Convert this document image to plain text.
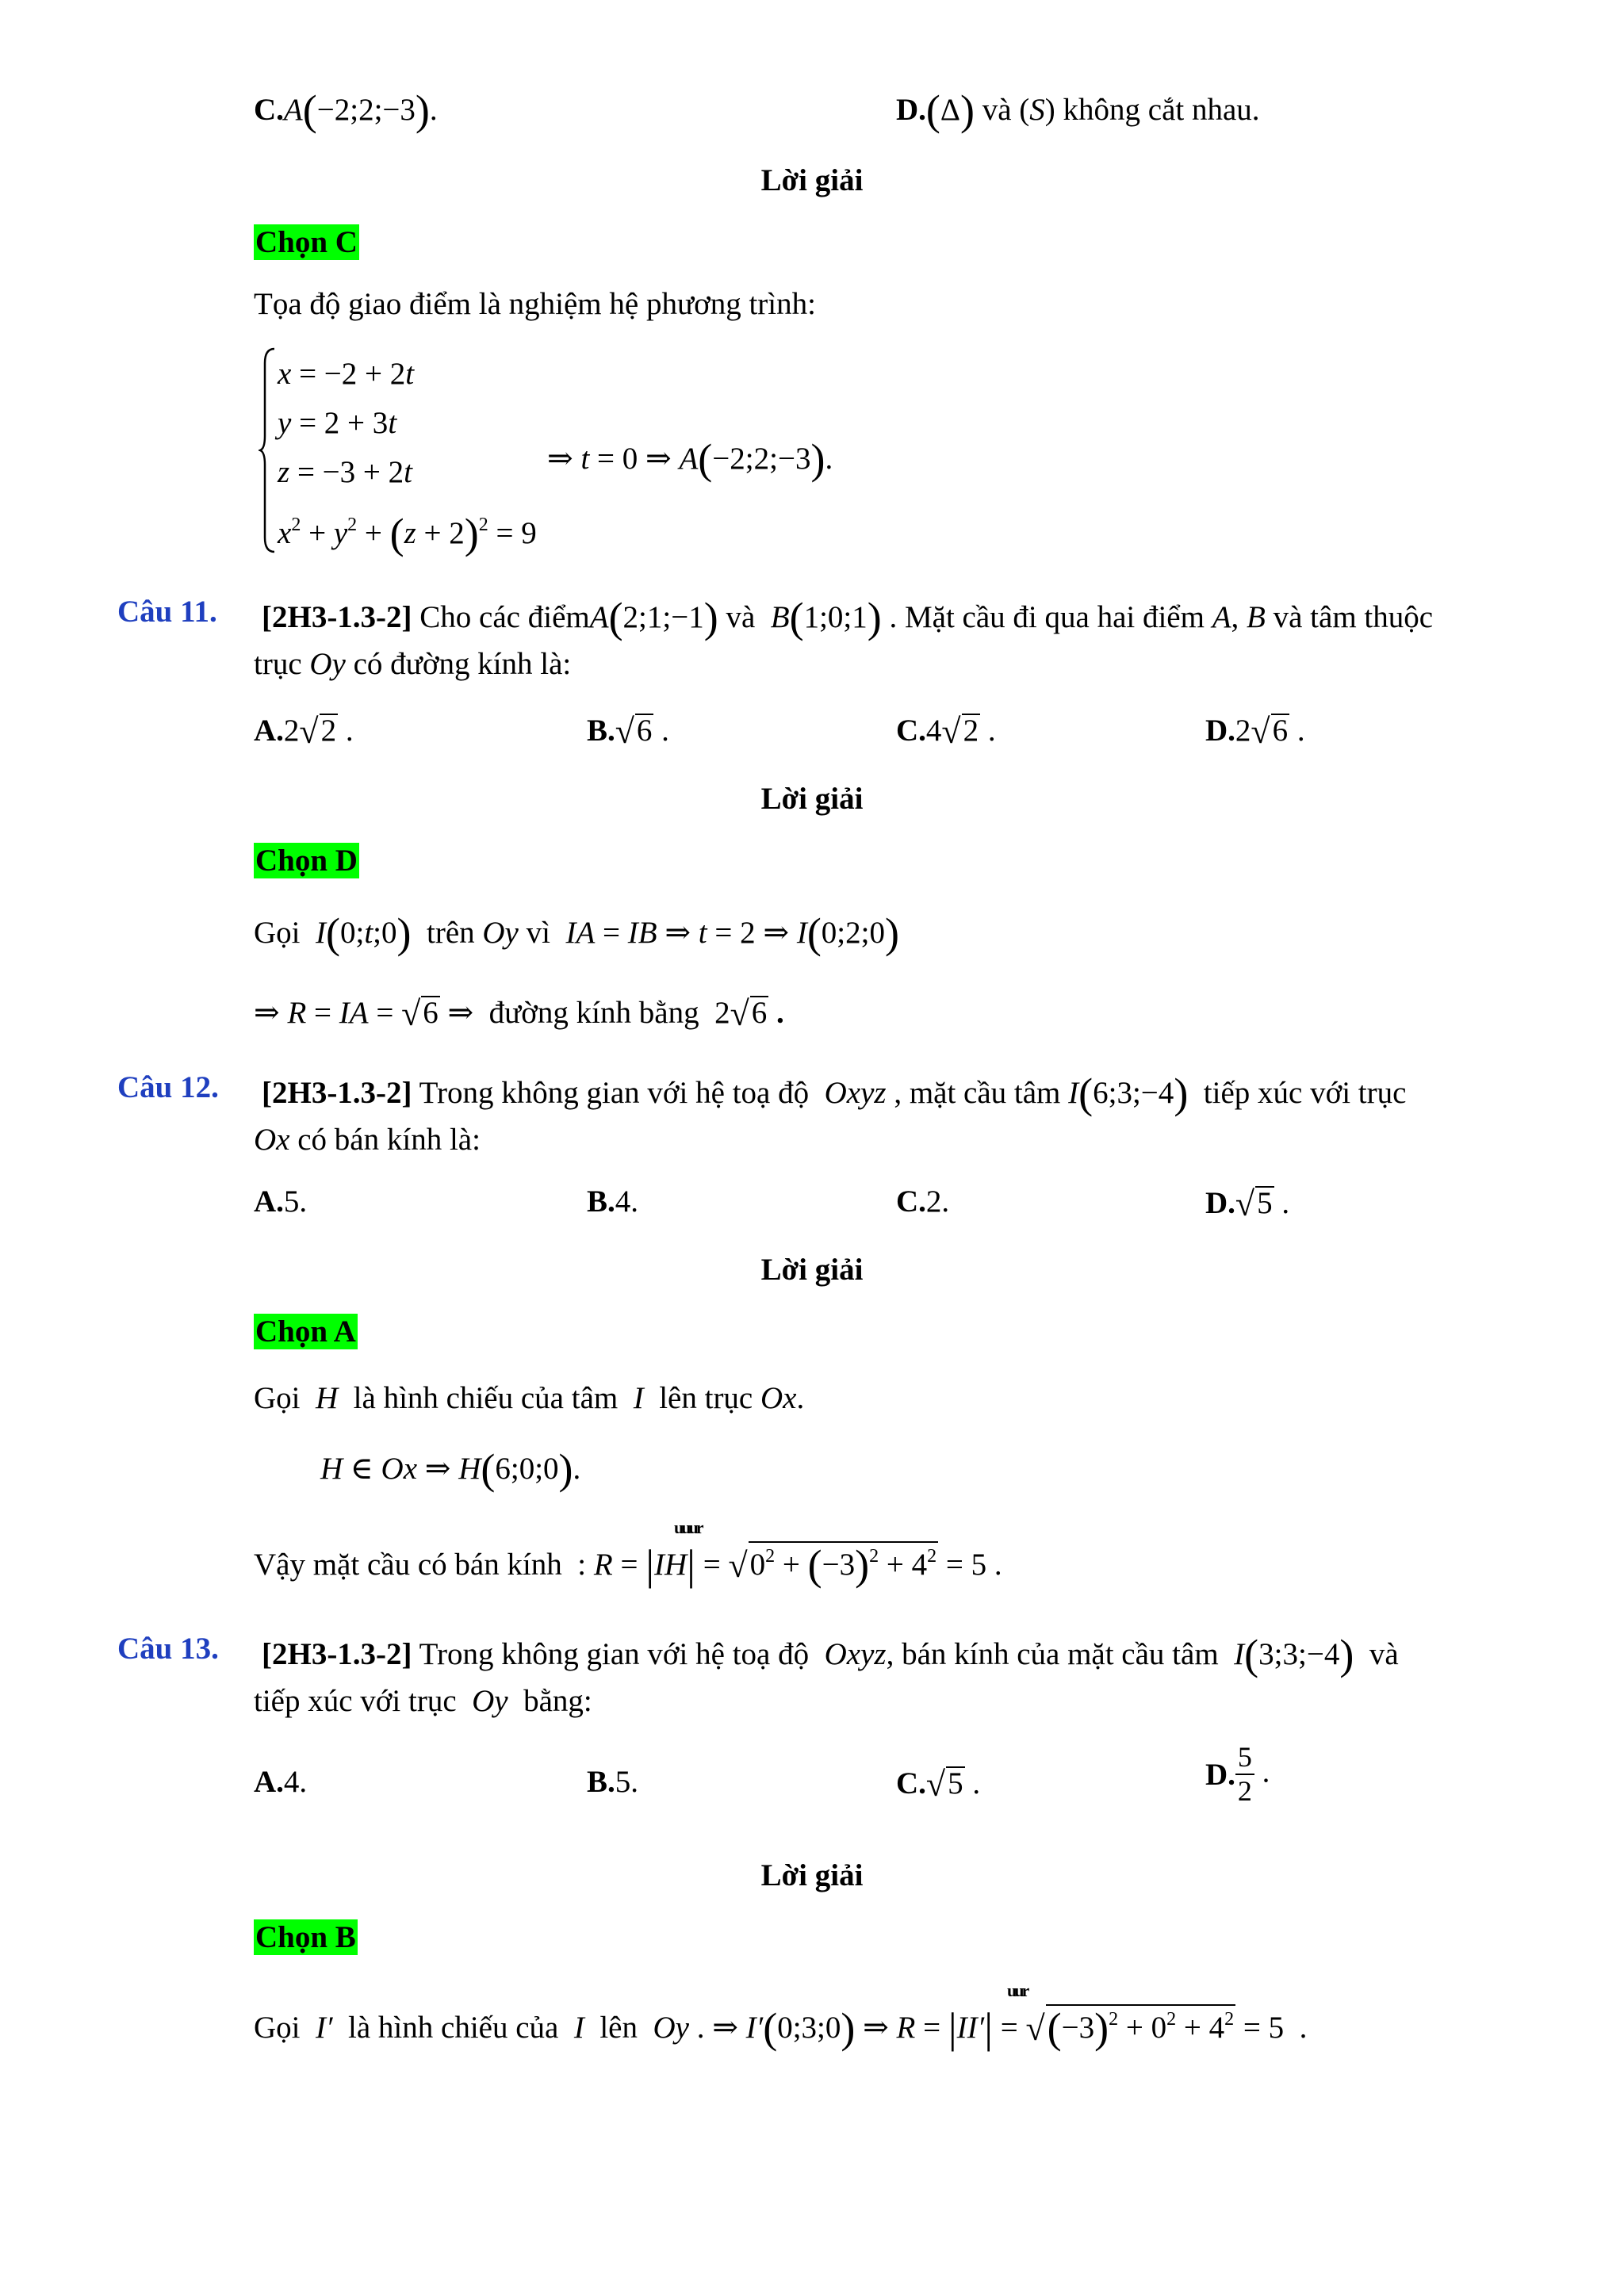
C.A(−2;2;−3).	D.(Δ) và (S) không cắt nhau.
Lời giải
Chọn C
Tọa độ giao điểm là nghiệm hệ phương trình:
x = −2 + 2t
y = 2 + 3t
z = −3 + 2t
$x^2 + y^2 + (z + 2)^2 = 9$
⇒ t = 0 ⇒ A(−2;2;−3).
Câu 11. [2H3-1.3-2] Cho các điểmA(2;1;−1) và  B(1;0;1) . Mặt cầu đi qua hai điểm A, B và tâm thuộc
trục Oy có đường kính là:
A.2√2 .	B.√6 .	C.4√2 .	D.2√6 .
Lời giải
Chọn D
Gọi  I(0;t;0)  trên Oy vì  IA = IB ⇒ t = 2 ⇒ I(0;2;0)
⇒ R = IA = √6 ⇒  đường kính bằng  2√6 .
Câu 12. [2H3-1.3-2] Trong không gian với hệ toạ độ  Oxyz , mặt cầu tâm I(6;3;−4)  tiếp xúc với trục
Ox có bán kính là:
A.5.	B.4.	C.2.	D.√5 .
Lời giải
Chọn A
Gọi  H  là hình chiếu của tâm  I  lên trục Ox.
H ∈ Ox ⇒ H(6;0;0).
uuur
Vậy mặt cầu có bán kính  : $R = |IH| = √0^2 + (-3)^2 + 4^2 = 5$ .
Câu 13. [2H3-1.3-2] Trong không gian với hệ toạ độ  Oxyz, bán kính của mặt cầu tâm  I(3;3;−4)  và
tiếp xúc với trục  Oy  bằng:
A.4.	B.5.	C.√5 .	D. $\frac{5}{2}$ .
Lời giải
Chọn B
uur
Gọi  I′  là hình chiếu của  I  lên  Oy . ⇒ I′(0;3;0) ⇒ $R = |II'| = √(-3)^2 + 0^2 + 4^2 = 5$  .
